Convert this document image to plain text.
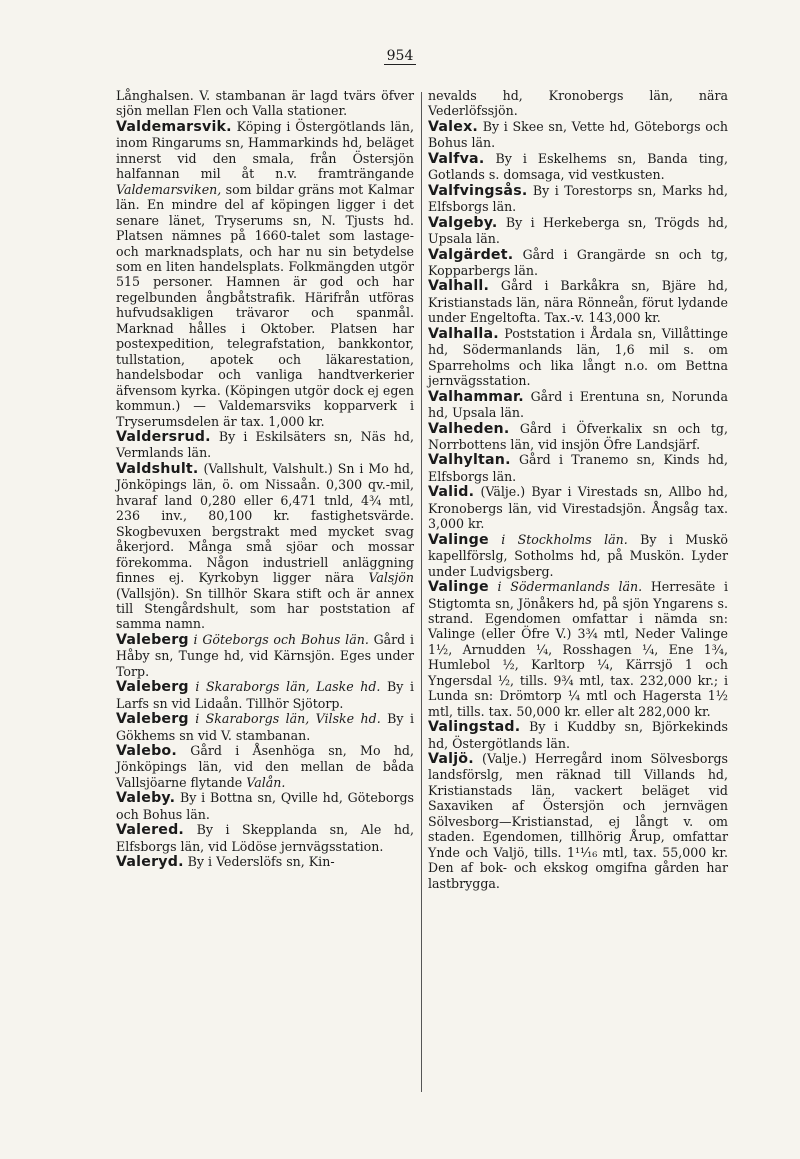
954

Långhalsen. V. stambanan är lagd tvärs öfver sjön mellan Flen och Valla stationer.

Valdemarsvik. Köping i Östergötlands län, inom Ringarums sn, Hammarkinds hd, beläget innerst vid den smala, från Östersjön halfannan mil åt n.v. framträngande Valdemarsviken, som bildar gräns mot Kalmar län. En mindre del af köpingen ligger i det senare länet, Tryserums sn, N. Tjusts hd. Platsen nämnes på 1660-talet som lastage- och marknadsplats, och har nu sin betydelse som en liten handelsplats. Folkmängden utgör 515 personer. Hamnen är god och har regelbunden ångbåtstrafik. Härifrån utföras hufvudsakligen trävaror och spanmål. Marknad hålles i Oktober. Platsen har postexpedition, telegrafstation, bankkontor, tullstation, apotek och läkarestation, handelsbodar och vanliga handtverkerier äfvensom kyrka. (Köpingen utgör dock ej egen kommun.) — Valdemarsviks kopparverk i Tryserumsdelen är tax. 1,000 kr.

Valdersrud. By i Eskilsäters sn, Näs hd, Vermlands län.

Valdshult. (Vallshult, Valshult.) Sn i Mo hd, Jönköpings län, ö. om Nissaån. 0,300 qv.-mil, hvaraf land 0,280 eller 6,471 tnld, 4¾ mtl, 236 inv., 80,100 kr. fastighetsvärde. Skogbevuxen bergstrakt med mycket svag åkerjord. Många små sjöar och mossar förekomma. Någon industriell anläggning finnes ej. Kyrkobyn ligger nära Valsjön (Vallsjön). Sn tillhör Skara stift och är annex till Stengårdshult, som har poststation af samma namn.

Valeberg i Göteborgs och Bohus län. Gård i Håby sn, Tunge hd, vid Kärnsjön. Eges under Torp.

Valeberg i Skaraborgs län, Laske hd. By i Larfs sn vid Lidaån. Tillhör Sjötorp.

Valeberg i Skaraborgs län, Vilske hd. By i Gökhems sn vid V. stambanan.

Valebo. Gård i Åsenhöga sn, Mo hd, Jönköpings län, vid den mellan de båda Vallsjöarne flytande Valån.

Valeby. By i Bottna sn, Qville hd, Göteborgs och Bohus län.

Valered. By i Skepplanda sn, Ale hd, Elfsborgs län, vid Lödöse jernvägsstation.

Valeryd. By i Vederslöfs sn, Kin-

nevalds hd, Kronobergs län, nära Vederlöfssjön.

Valex. By i Skee sn, Vette hd, Göteborgs och Bohus län.

Valfva. By i Eskelhems sn, Banda ting, Gotlands s. domsaga, vid vestkusten.

Valfvingsås. By i Torestorps sn, Marks hd, Elfsborgs län.

Valgeby. By i Herkeberga sn, Trögds hd, Upsala län.

Valgärdet. Gård i Grangärde sn och tg, Kopparbergs län.

Valhall. Gård i Barkåkra sn, Bjäre hd, Kristianstads län, nära Rönneån, förut lydande under Engeltofta. Tax.-v. 143,000 kr.

Valhalla. Poststation i Årdala sn, Villåttinge hd, Södermanlands län, 1,6 mil s. om Sparreholms och lika långt n.o. om Bettna jernvägsstation.

Valhammar. Gård i Erentuna sn, Norunda hd, Upsala län.

Valheden. Gård i Öfverkalix sn och tg, Norrbottens län, vid insjön Öfre Landsjärf.

Valhyltan. Gård i Tranemo sn, Kinds hd, Elfsborgs län.

Valid. (Välje.) Byar i Virestads sn, Allbo hd, Kronobergs län, vid Virestadsjön. Ångsåg tax. 3,000 kr.

Valinge i Stockholms län. By i Muskö kapellförslg, Sotholms hd, på Muskön. Lyder under Ludvigsberg.

Valinge i Södermanlands län. Herresäte i Stigtomta sn, Jönåkers hd, på sjön Yngarens s. strand. Egendomen omfattar i nämda sn: Valinge (eller Öfre V.) 3¾ mtl, Neder Valinge 1½, Arnudden ¼, Rosshagen ¼, Ene 1¾, Humlebol ½, Karltorp ¼, Kärrsjö 1 och Yngersdal ½, tills. 9¾ mtl, tax. 232,000 kr.; i Lunda sn: Drömtorp ¼ mtl och Hagersta 1½ mtl, tills. tax. 50,000 kr. eller alt 282,000 kr.

Valingstad. By i Kuddby sn, Björkekinds hd, Östergötlands län.

Valjö. (Valje.) Herregård inom Sölvesborgs landsförslg, men räknad till Villands hd, Kristianstads län, vackert beläget vid Saxaviken af Östersjön och jernvägen Sölvesborg—Kristianstad, ej långt v. om staden. Egendomen, tillhörig Årup, omfattar Ynde och Valjö, tills. 1¹¹⁄₁₆ mtl, tax. 55,000 kr. Den af bok- och ekskog omgifna gården har lastbrygga.
